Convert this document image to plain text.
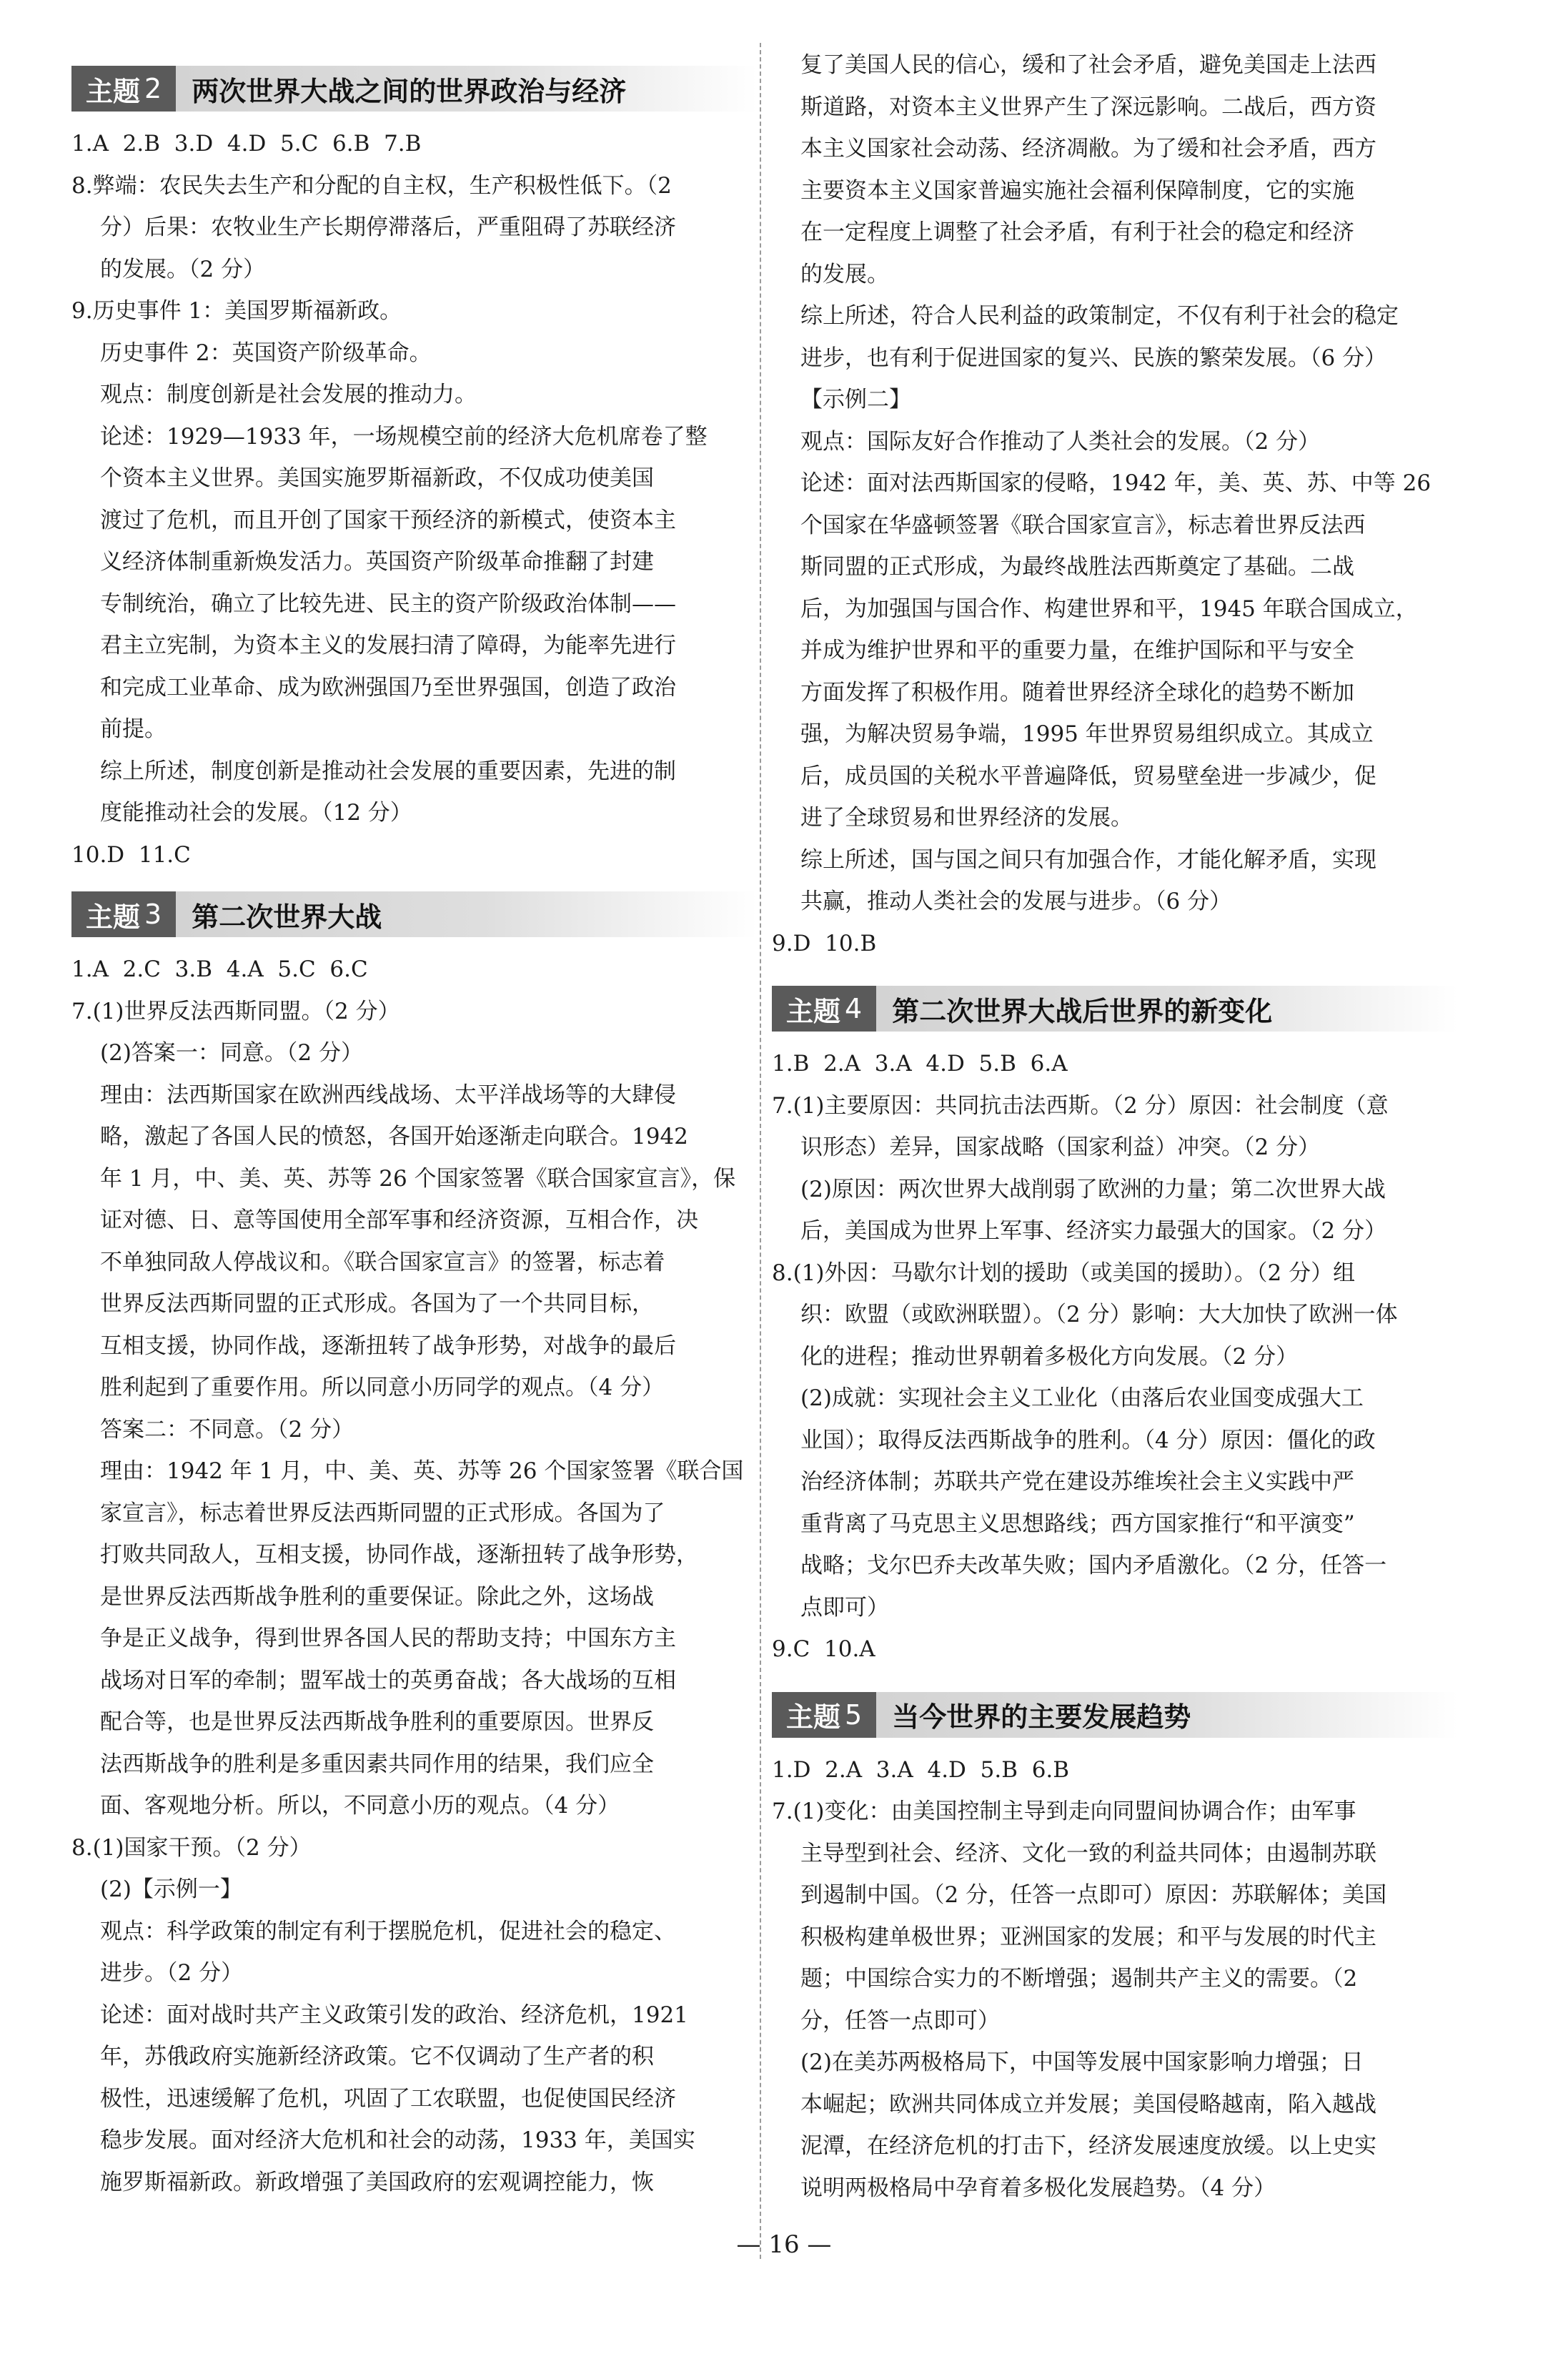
主题 2 两次世界大战之间的世界政治与经济

1.A  2.B  3.D  4.D  5.C  6.B  7.B

8.弊端：农民失去生产和分配的自主权，生产积极性低下。（2

分）后果：农牧业生产长期停滞落后，严重阻碍了苏联经济

的发展。（2 分）

9.历史事件 1：美国罗斯福新政。

历史事件 2：英国资产阶级革命。

观点：制度创新是社会发展的推动力。

论述：1929—1933 年，一场规模空前的经济大危机席卷了整

个资本主义世界。美国实施罗斯福新政，不仅成功使美国

渡过了危机，而且开创了国家干预经济的新模式，使资本主

义经济体制重新焕发活力。英国资产阶级革命推翻了封建

专制统治，确立了比较先进、民主的资产阶级政治体制——

君主立宪制，为资本主义的发展扫清了障碍，为能率先进行

和完成工业革命、成为欧洲强国乃至世界强国，创造了政治

前提。

综上所述，制度创新是推动社会发展的重要因素，先进的制

度能推动社会的发展。（12 分）

10.D  11.C

主题 3 第二次世界大战

1.A  2.C  3.B  4.A  5.C  6.C

7.(1)世界反法西斯同盟。（2 分）

(2)答案一：同意。（2 分）

理由：法西斯国家在欧洲西线战场、太平洋战场等的大肆侵

略，激起了各国人民的愤怒，各国开始逐渐走向联合。1942

年 1 月，中、美、英、苏等 26 个国家签署《联合国家宣言》，保

证对德、日、意等国使用全部军事和经济资源，互相合作，决

不单独同敌人停战议和。《联合国家宣言》的签署，标志着

世界反法西斯同盟的正式形成。各国为了一个共同目标，

互相支援，协同作战，逐渐扭转了战争形势，对战争的最后

胜利起到了重要作用。所以同意小历同学的观点。（4 分）

答案二：不同意。（2 分）

理由：1942 年 1 月，中、美、英、苏等 26 个国家签署《联合国

家宣言》，标志着世界反法西斯同盟的正式形成。各国为了

打败共同敌人，互相支援，协同作战，逐渐扭转了战争形势，

是世界反法西斯战争胜利的重要保证。除此之外，这场战

争是正义战争，得到世界各国人民的帮助支持；中国东方主

战场对日军的牵制；盟军战士的英勇奋战；各大战场的互相

配合等，也是世界反法西斯战争胜利的重要原因。世界反

法西斯战争的胜利是多重因素共同作用的结果，我们应全

面、客观地分析。所以，不同意小历的观点。（4 分）

8.(1)国家干预。（2 分）

(2)【示例一】

观点：科学政策的制定有利于摆脱危机，促进社会的稳定、

进步。（2 分）

论述：面对战时共产主义政策引发的政治、经济危机，1921

年，苏俄政府实施新经济政策。它不仅调动了生产者的积

极性，迅速缓解了危机，巩固了工农联盟，也促使国民经济

稳步发展。面对经济大危机和社会的动荡，1933 年，美国实

施罗斯福新政。新政增强了美国政府的宏观调控能力，恢

复了美国人民的信心，缓和了社会矛盾，避免美国走上法西

斯道路，对资本主义世界产生了深远影响。二战后，西方资

本主义国家社会动荡、经济凋敝。为了缓和社会矛盾，西方

主要资本主义国家普遍实施社会福利保障制度，它的实施

在一定程度上调整了社会矛盾，有利于社会的稳定和经济

的发展。

综上所述，符合人民利益的政策制定，不仅有利于社会的稳定

进步，也有利于促进国家的复兴、民族的繁荣发展。（6 分）

【示例二】

观点：国际友好合作推动了人类社会的发展。（2 分）

论述：面对法西斯国家的侵略，1942 年，美、英、苏、中等 26

个国家在华盛顿签署《联合国家宣言》，标志着世界反法西

斯同盟的正式形成，为最终战胜法西斯奠定了基础。二战

后，为加强国与国合作、构建世界和平，1945 年联合国成立，

并成为维护世界和平的重要力量，在维护国际和平与安全

方面发挥了积极作用。随着世界经济全球化的趋势不断加

强，为解决贸易争端，1995 年世界贸易组织成立。其成立

后，成员国的关税水平普遍降低，贸易壁垒进一步减少，促

进了全球贸易和世界经济的发展。

综上所述，国与国之间只有加强合作，才能化解矛盾，实现

共赢，推动人类社会的发展与进步。（6 分）

9.D  10.B

主题 4 第二次世界大战后世界的新变化

1.B  2.A  3.A  4.D  5.B  6.A

7.(1)主要原因：共同抗击法西斯。（2 分）原因：社会制度（意

识形态）差异，国家战略（国家利益）冲突。（2 分）

(2)原因：两次世界大战削弱了欧洲的力量；第二次世界大战

后，美国成为世界上军事、经济实力最强大的国家。（2 分）

8.(1)外因：马歇尔计划的援助（或美国的援助）。（2 分）组

织：欧盟（或欧洲联盟）。（2 分）影响：大大加快了欧洲一体

化的进程；推动世界朝着多极化方向发展。（2 分）

(2)成就：实现社会主义工业化（由落后农业国变成强大工

业国）；取得反法西斯战争的胜利。（4 分）原因：僵化的政

治经济体制；苏联共产党在建设苏维埃社会主义实践中严

重背离了马克思主义思想路线；西方国家推行“和平演变”

战略；戈尔巴乔夫改革失败；国内矛盾激化。（2 分，任答一

点即可）

9.C  10.A

主题 5 当今世界的主要发展趋势

1.D  2.A  3.A  4.D  5.B  6.B

7.(1)变化：由美国控制主导到走向同盟间协调合作；由军事

主导型到社会、经济、文化一致的利益共同体；由遏制苏联

到遏制中国。（2 分，任答一点即可）原因：苏联解体；美国

积极构建单极世界；亚洲国家的发展；和平与发展的时代主

题；中国综合实力的不断增强；遏制共产主义的需要。（2

分，任答一点即可）

(2)在美苏两极格局下，中国等发展中国家影响力增强；日

本崛起；欧洲共同体成立并发展；美国侵略越南，陷入越战

泥潭，在经济危机的打击下，经济发展速度放缓。以上史实

说明两极格局中孕育着多极化发展趋势。（4 分）

— 16 —
